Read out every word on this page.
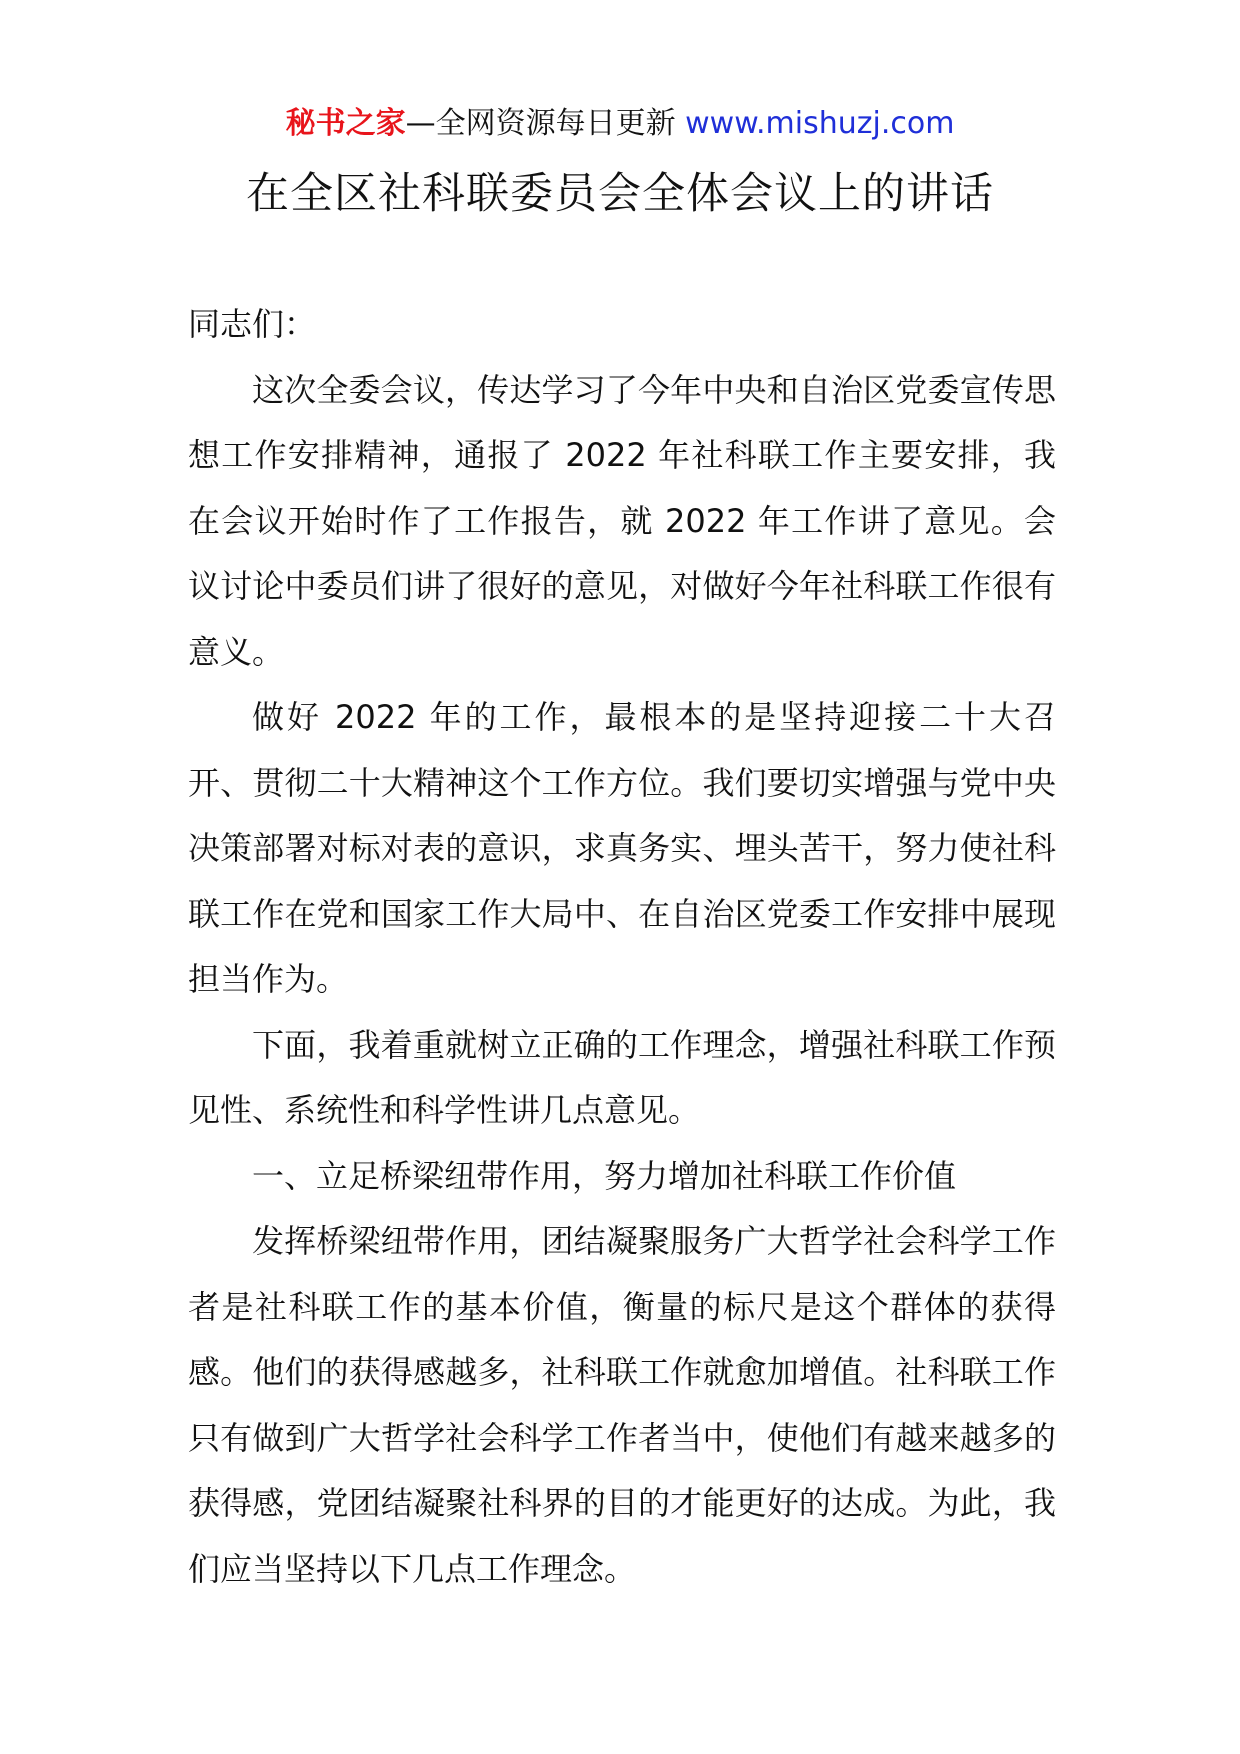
秘书之家—全网资源每日更新 www.mishuzj.com
在全区社科联委员会全体会议上的讲话

同志们：

这次全委会议，传达学习了今年中央和自治区党委宣传思想工作安排精神，通报了 2022 年社科联工作主要安排，我在会议开始时作了工作报告，就 2022 年工作讲了意见。会议讨论中委员们讲了很好的意见，对做好今年社科联工作很有意义。

做好 2022 年的工作，最根本的是坚持迎接二十大召开、贯彻二十大精神这个工作方位。我们要切实增强与党中央决策部署对标对表的意识，求真务实、埋头苦干，努力使社科联工作在党和国家工作大局中、在自治区党委工作安排中展现担当作为。

下面，我着重就树立正确的工作理念，增强社科联工作预见性、系统性和科学性讲几点意见。

一、立足桥梁纽带作用，努力增加社科联工作价值

发挥桥梁纽带作用，团结凝聚服务广大哲学社会科学工作者是社科联工作的基本价值，衡量的标尺是这个群体的获得感。他们的获得感越多，社科联工作就愈加增值。社科联工作只有做到广大哲学社会科学工作者当中，使他们有越来越多的获得感，党团结凝聚社科界的目的才能更好的达成。为此，我们应当坚持以下几点工作理念。
